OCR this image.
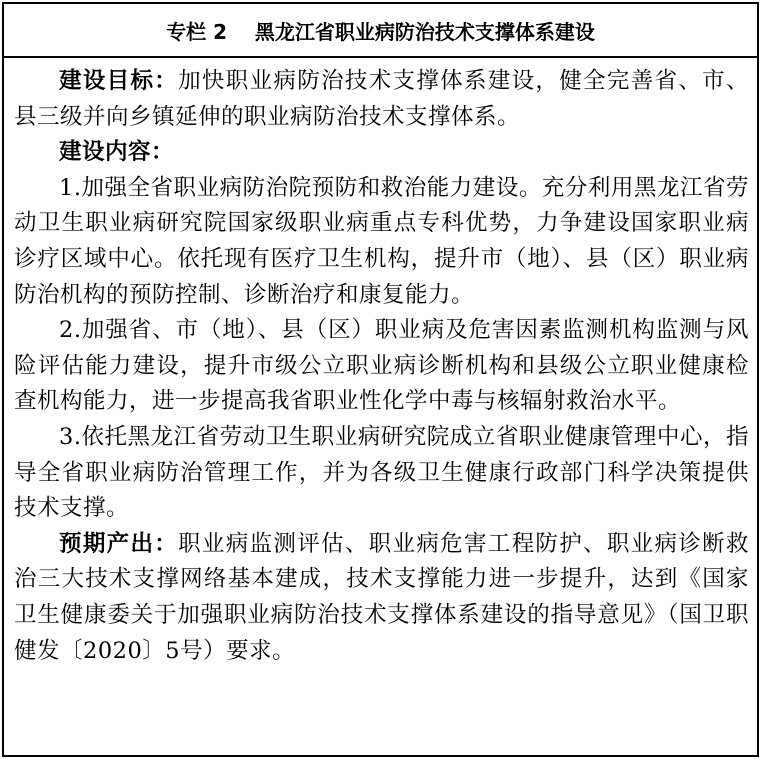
专栏 2    黑龙江省职业病防治技术支撑体系建设

建设目标：加快职业病防治技术支撑体系建设，健全完善省、市、县三级并向乡镇延伸的职业病防治技术支撑体系。

建设内容：

1.加强全省职业病防治院预防和救治能力建设。充分利用黑龙江省劳动卫生职业病研究院国家级职业病重点专科优势，力争建设国家职业病诊疗区域中心。依托现有医疗卫生机构，提升市（地）、县（区）职业病防治机构的预防控制、诊断治疗和康复能力。

2.加强省、市（地）、县（区）职业病及危害因素监测机构监测与风险评估能力建设，提升市级公立职业病诊断机构和县级公立职业健康检查机构能力，进一步提高我省职业性化学中毒与核辐射救治水平。

3.依托黑龙江省劳动卫生职业病研究院成立省职业健康管理中心，指导全省职业病防治管理工作，并为各级卫生健康行政部门科学决策提供技术支撑。

预期产出：职业病监测评估、职业病危害工程防护、职业病诊断救治三大技术支撑网络基本建成，技术支撑能力进一步提升，达到《国家卫生健康委关于加强职业病防治技术支撑体系建设的指导意见》（国卫职健发〔2020〕5号）要求。
